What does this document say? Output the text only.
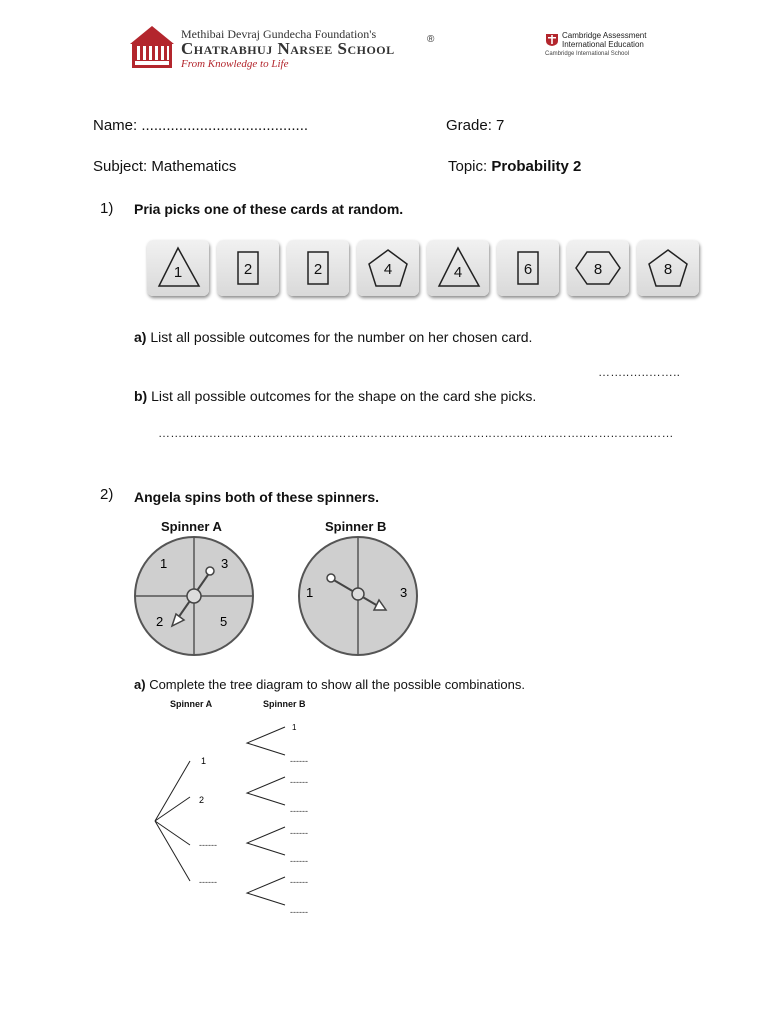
Methibai Devraj Gundecha Foundation's
Chatrabhuj Narsee School	®
From Knowledge to Life
Cambridge Assessment
International Education
Cambridge International School
Name: ........................................	Grade: 7
Subject: Mathematics	Topic: Probability 2
1) Pria picks one of these cards at random.
1	2	2	4	4	6	8	8
a) List all possible outcomes for the number on her chosen card.
……..…..……..
b) List all possible outcomes for the shape on the card she picks.
……..…..……..……..……..……..……..……..……..……..……..……..……..……..……..……..……
2) Angela spins both of these spinners.
Spinner A	Spinner B
1	3
2	5
1	3
a) Complete the tree diagram to show all the possible combinations.
Spinner A	Spinner B
1
2
------
------
1
------
------
------
------
------
------
------
